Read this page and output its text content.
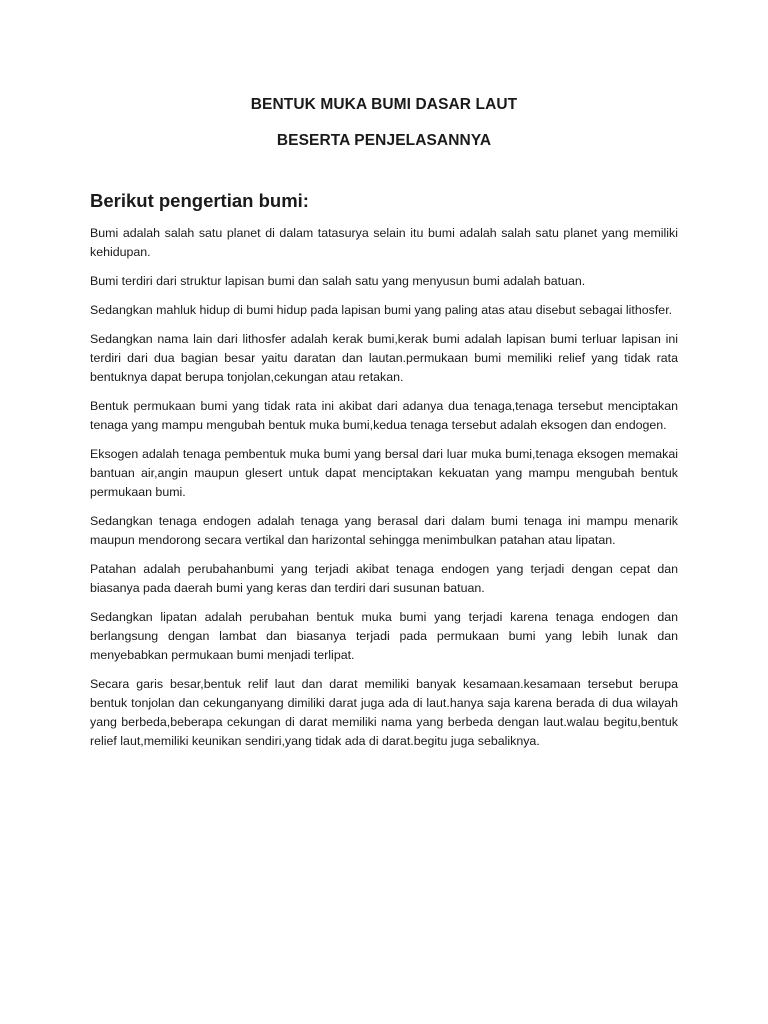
BENTUK MUKA BUMI DASAR LAUT
BESERTA PENJELASANNYA
Berikut pengertian bumi:

Bumi adalah salah satu planet di dalam tatasurya selain itu bumi adalah salah satu planet yang memiliki kehidupan.

Bumi terdiri dari struktur lapisan bumi dan salah satu yang menyusun bumi adalah batuan.

Sedangkan mahluk hidup di bumi hidup pada lapisan bumi yang paling atas atau disebut sebagai lithosfer.

Sedangkan nama lain dari lithosfer adalah kerak bumi,kerak bumi adalah lapisan bumi terluar lapisan ini terdiri dari dua bagian besar yaitu daratan dan lautan.permukaan bumi memiliki relief yang tidak rata bentuknya dapat berupa tonjolan,cekungan atau retakan.

Bentuk permukaan bumi yang tidak rata ini akibat dari adanya dua tenaga,tenaga tersebut menciptakan tenaga yang mampu mengubah bentuk muka bumi,kedua tenaga tersebut adalah eksogen dan endogen.

Eksogen adalah tenaga pembentuk muka bumi yang bersal dari luar muka bumi,tenaga eksogen memakai bantuan air,angin maupun glesert untuk dapat menciptakan kekuatan yang mampu mengubah bentuk permukaan bumi.

Sedangkan tenaga endogen adalah tenaga yang berasal dari dalam bumi tenaga ini mampu menarik maupun mendorong secara vertikal dan harizontal sehingga menimbulkan patahan atau lipatan.

Patahan adalah perubahanbumi yang terjadi akibat tenaga endogen yang terjadi dengan cepat dan biasanya pada daerah bumi yang keras dan terdiri dari susunan batuan.

Sedangkan lipatan adalah perubahan bentuk muka bumi yang terjadi karena tenaga endogen dan berlangsung dengan lambat dan biasanya terjadi pada permukaan bumi yang lebih lunak dan menyebabkan permukaan bumi menjadi terlipat.

Secara garis besar,bentuk relif laut dan darat memiliki banyak kesamaan.kesamaan tersebut berupa bentuk tonjolan dan cekunganyang dimiliki darat juga ada di laut.hanya saja karena berada di dua wilayah yang berbeda,beberapa cekungan di darat memiliki nama yang berbeda dengan laut.walau begitu,bentuk relief laut,memiliki keunikan sendiri,yang tidak ada di darat.begitu juga sebaliknya.
